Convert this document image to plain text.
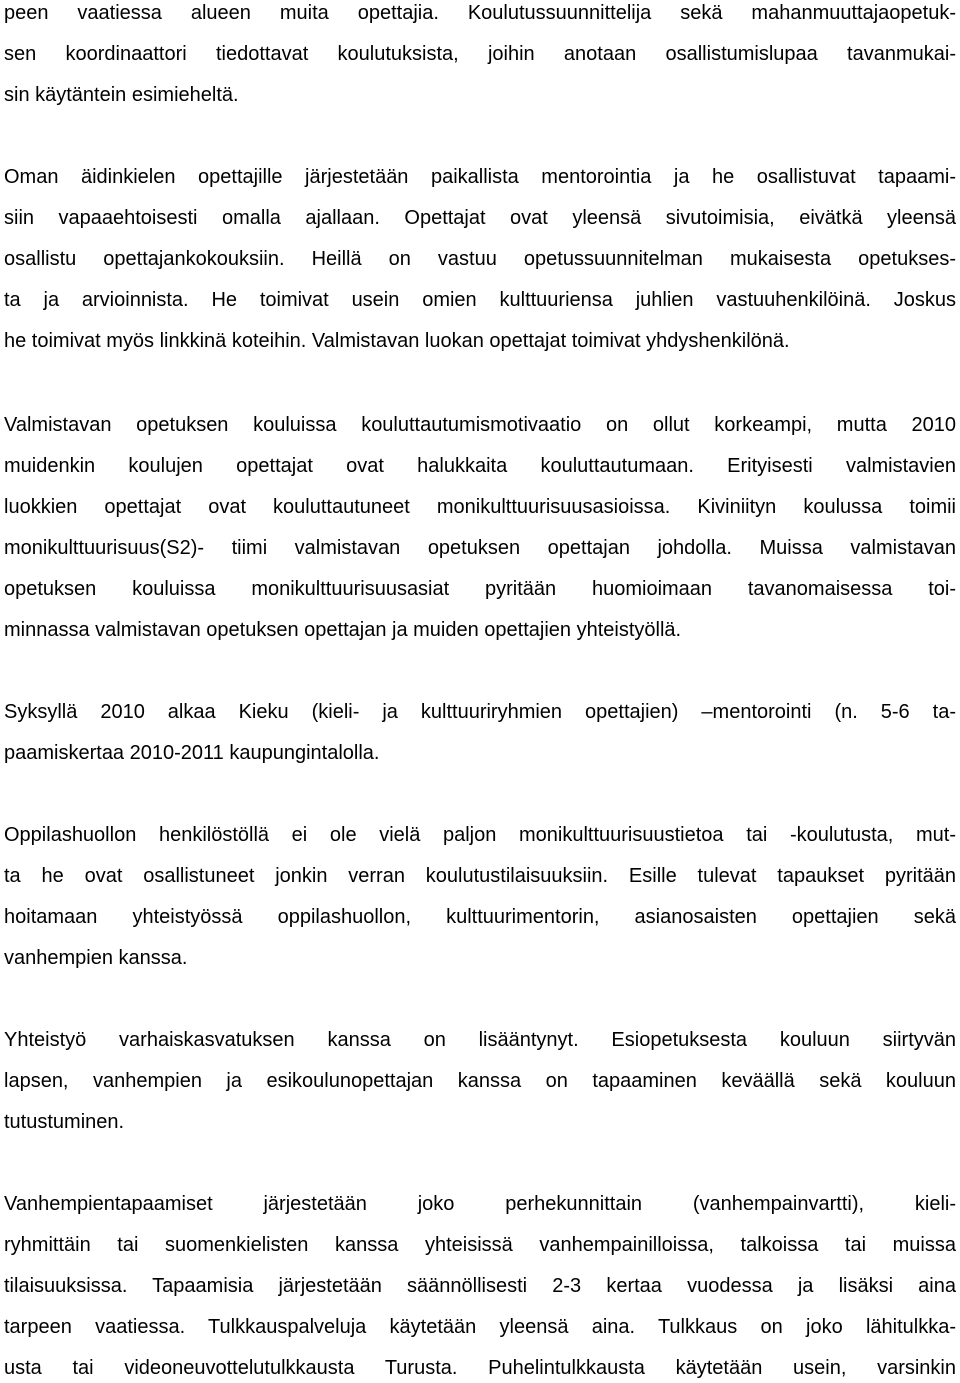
peen vaatiessa alueen muita opettajia. Koulutussuunnittelija sekä mahanmuuttajaopetuk-
sen koordinaattori tiedottavat koulutuksista, joihin anotaan osallistumislupaa tavanmukai-
sin käytäntein esimieheltä.
Oman äidinkielen opettajille järjestetään paikallista mentorointia ja he osallistuvat tapaami-
siin vapaaehtoisesti omalla ajallaan. Opettajat ovat yleensä sivutoimisia, eivätkä yleensä
osallistu opettajankokouksiin. Heillä on vastuu opetussuunnitelman mukaisesta opetukses-
ta ja arvioinnista. He toimivat usein omien kulttuuriensa juhlien vastuuhenkilöinä. Joskus
he toimivat myös linkkinä koteihin. Valmistavan luokan opettajat toimivat yhdyshenkilönä.
Valmistavan opetuksen kouluissa kouluttautumismotivaatio on ollut korkeampi, mutta 2010
muidenkin koulujen opettajat ovat halukkaita kouluttautumaan. Erityisesti valmistavien
luokkien opettajat ovat kouluttautuneet monikulttuurisuusasioissa. Kiviniityn koulussa toimii
monikulttuurisuus(S2)- tiimi valmistavan opetuksen opettajan johdolla. Muissa valmistavan
opetuksen kouluissa monikulttuurisuusasiat pyritään huomioimaan tavanomaisessa toi-
minnassa valmistavan opetuksen opettajan ja muiden opettajien yhteistyöllä.
Syksyllä 2010 alkaa Kieku (kieli- ja kulttuuriryhmien opettajien) –mentorointi (n. 5-6 ta-
paamiskertaa 2010-2011 kaupungintalolla.
Oppilashuollon henkilöstöllä ei ole vielä paljon monikulttuurisuustietoa tai -koulutusta, mut-
ta he ovat osallistuneet jonkin verran koulutustilaisuuksiin. Esille tulevat tapaukset pyritään
hoitamaan yhteistyössä oppilashuollon, kulttuurimentorin, asianosaisten opettajien sekä
vanhempien kanssa.
Yhteistyö varhaiskasvatuksen kanssa on lisääntynyt. Esiopetuksesta kouluun siirtyvän
lapsen, vanhempien ja esikoulunopettajan kanssa on tapaaminen keväällä sekä kouluun
tutustuminen.
Vanhempientapaamiset järjestetään joko perhekunnittain (vanhempainvartti), kieli-
ryhmittäin tai suomenkielisten kanssa yhteisissä vanhempainilloissa, talkoissa tai muissa
tilaisuuksissa. Tapaamisia järjestetään säännöllisesti 2-3 kertaa vuodessa ja lisäksi aina
tarpeen vaatiessa. Tulkkauspalveluja käytetään yleensä aina. Tulkkaus on joko lähitulkka-
usta tai videoneuvottelutulkkausta Turusta. Puhelintulkkausta käytetään usein, varsinkin
